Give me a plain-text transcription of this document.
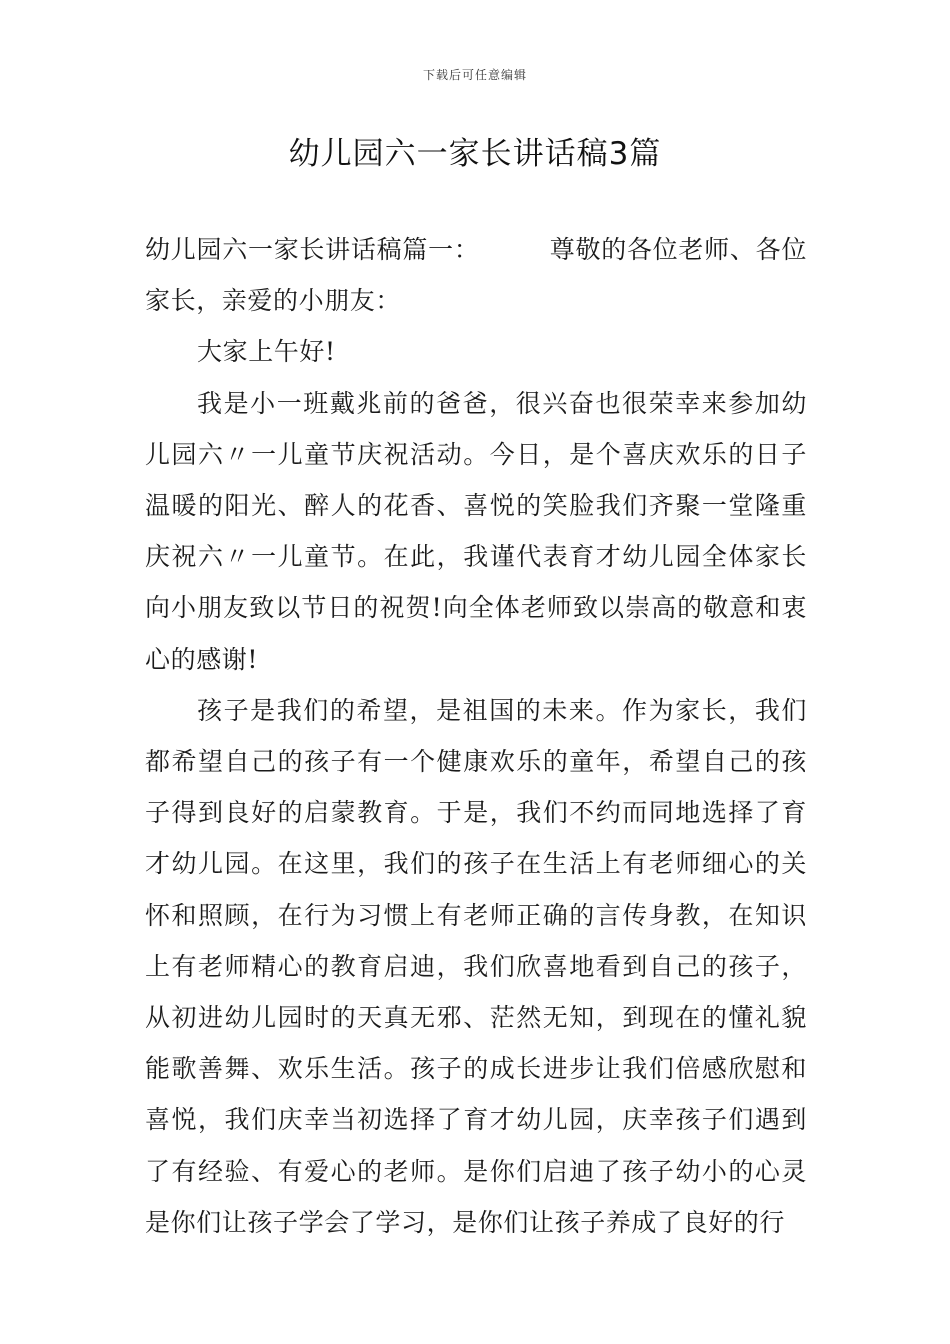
下载后可任意编辑
幼儿园六一家长讲话稿3篇

幼儿园六一家长讲话稿篇一：	尊敬的各位老师、各位家长，亲爱的小朋友：

大家上午好!

我是小一班戴兆前的爸爸，很兴奋也很荣幸来参加幼儿园六〃一儿童节庆祝活动。今日，是个喜庆欢乐的日子温暖的阳光、醉人的花香、喜悦的笑脸我们齐聚一堂隆重庆祝六〃一儿童节。在此，我谨代表育才幼儿园全体家长向小朋友致以节日的祝贺!向全体老师致以崇高的敬意和衷心的感谢!

孩子是我们的希望，是祖国的未来。作为家长，我们都希望自己的孩子有一个健康欢乐的童年，希望自己的孩子得到良好的启蒙教育。于是，我们不约而同地选择了育才幼儿园。在这里，我们的孩子在生活上有老师细心的关怀和照顾，在行为习惯上有老师正确的言传身教，在知识上有老师精心的教育启迪，我们欣喜地看到自己的孩子，从初进幼儿园时的天真无邪、茫然无知，到现在的懂礼貌能歌善舞、欢乐生活。孩子的成长进步让我们倍感欣慰和喜悦，我们庆幸当初选择了育才幼儿园，庆幸孩子们遇到了有经验、有爱心的老师。是你们启迪了孩子幼小的心灵是你们让孩子学会了学习，是你们让孩子养成了良好的行
